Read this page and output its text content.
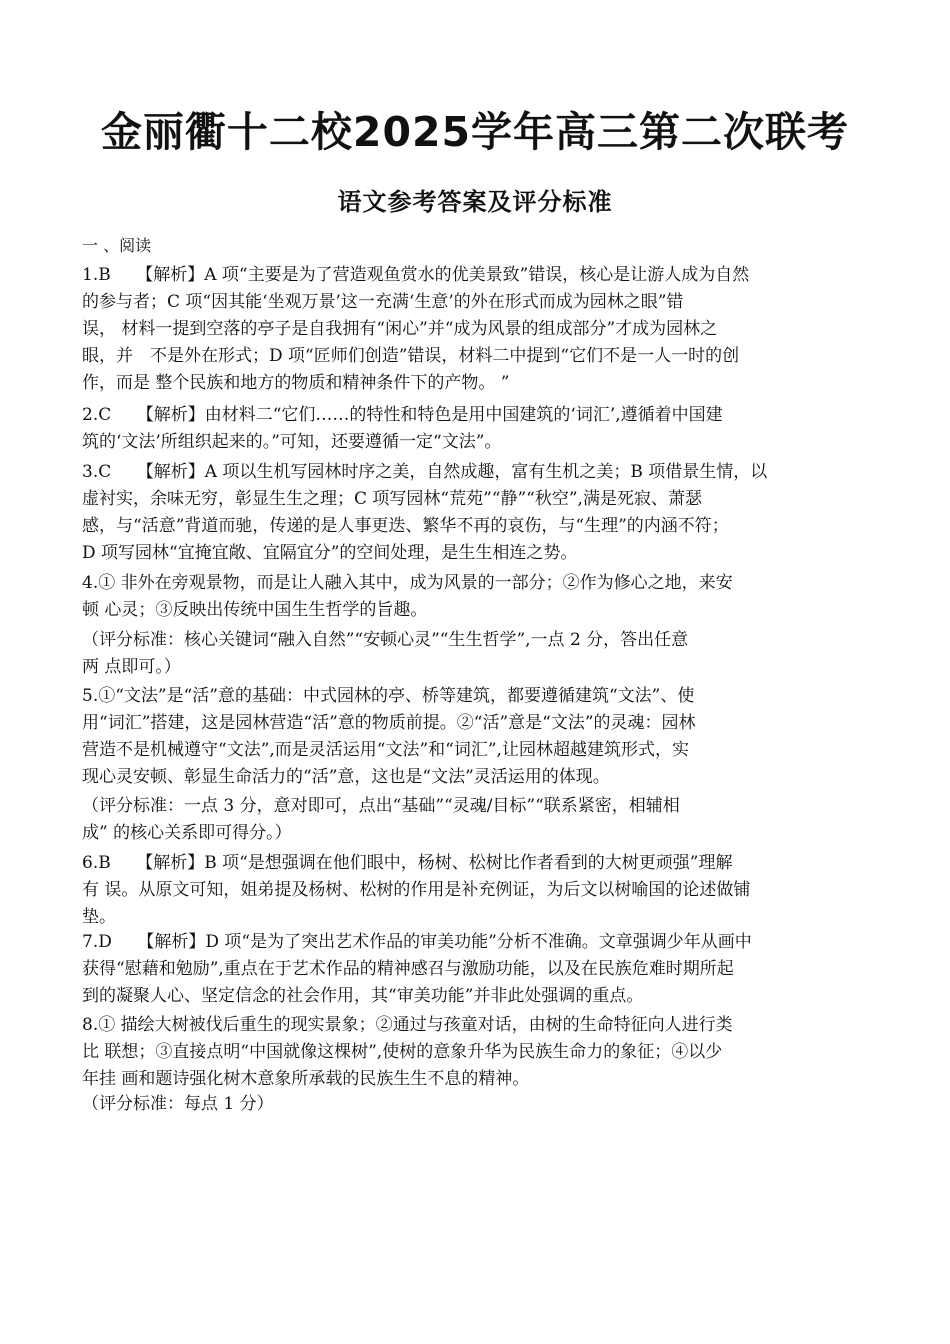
金丽衢十二校2025学年高三第二次联考
语文参考答案及评分标准
一 、阅读
1.B　　【解析】A 项“主要是为了营造观鱼赏水的优美景致”错误，核心是让游人成为自然
的参与者；C 项“因其能‘坐观万景’这一充满‘生意’的外在形式而成为园林之眼”错
误， 材料一提到空落的亭子是自我拥有“闲心”并“成为风景的组成部分”才成为园林之
眼，并　不是外在形式；D 项“匠师们创造”错误，材料二中提到“它们不是一人一时的创
作，而是 整个民族和地方的物质和精神条件下的产物。 ”
2.C　　【解析】由材料二“它们……的特性和特色是用中国建筑的‘词汇’,遵循着中国建
筑的‘文法’所组织起来的。”可知，还要遵循一定“文法”。
3.C　　【解析】A 项以生机写园林时序之美，自然成趣，富有生机之美；B 项借景生情，以
虚衬实，余味无穷，彰显生生之理；C 项写园林“荒苑”“静”“秋空”,满是死寂、萧瑟
感，与“活意”背道而驰，传递的是人事更迭、繁华不再的哀伤，与“生理”的内涵不符；
D 项写园林“宜掩宜敞、宜隔宜分”的空间处理，是生生相连之势。
4.① 非外在旁观景物，而是让人融入其中，成为风景的一部分；②作为修心之地，来安
顿 心灵；③反映出传统中国生生哲学的旨趣。
（评分标准：核心关键词“融入自然”“安顿心灵”“生生哲学”,一点 2 分，答出任意
两 点即可。）
5.①“文法”是“活”意的基础：中式园林的亭、桥等建筑，都要遵循建筑“文法”、使
用“词汇”搭建，这是园林营造“活”意的物质前提。②“活”意是“文法”的灵魂：园林
营造不是机械遵守“文法”,而是灵活运用“文法”和“词汇”,让园林超越建筑形式，实
现心灵安顿、彰显生命活力的“活”意，这也是“文法”灵活运用的体现。
（评分标准：一点 3 分，意对即可，点出“基础”“灵魂/目标”“联系紧密，相辅相
成” 的核心关系即可得分。）
6.B　　【解析】B 项“是想强调在他们眼中，杨树、松树比作者看到的大树更顽强”理解
有 误。从原文可知，姐弟提及杨树、松树的作用是补充例证，为后文以树喻国的论述做铺
垫。
7.D　　【解析】D 项“是为了突出艺术作品的审美功能”分析不准确。文章强调少年从画中
获得“慰藉和勉励”,重点在于艺术作品的精神感召与激励功能，以及在民族危难时期所起
到的凝聚人心、坚定信念的社会作用，其“审美功能”并非此处强调的重点。
8.① 描绘大树被伐后重生的现实景象；②通过与孩童对话，由树的生命特征向人进行类
比 联想；③直接点明“中国就像这棵树”,使树的意象升华为民族生命力的象征；④以少
年挂 画和题诗强化树木意象所承载的民族生生不息的精神。
（评分标准：每点 1 分）
